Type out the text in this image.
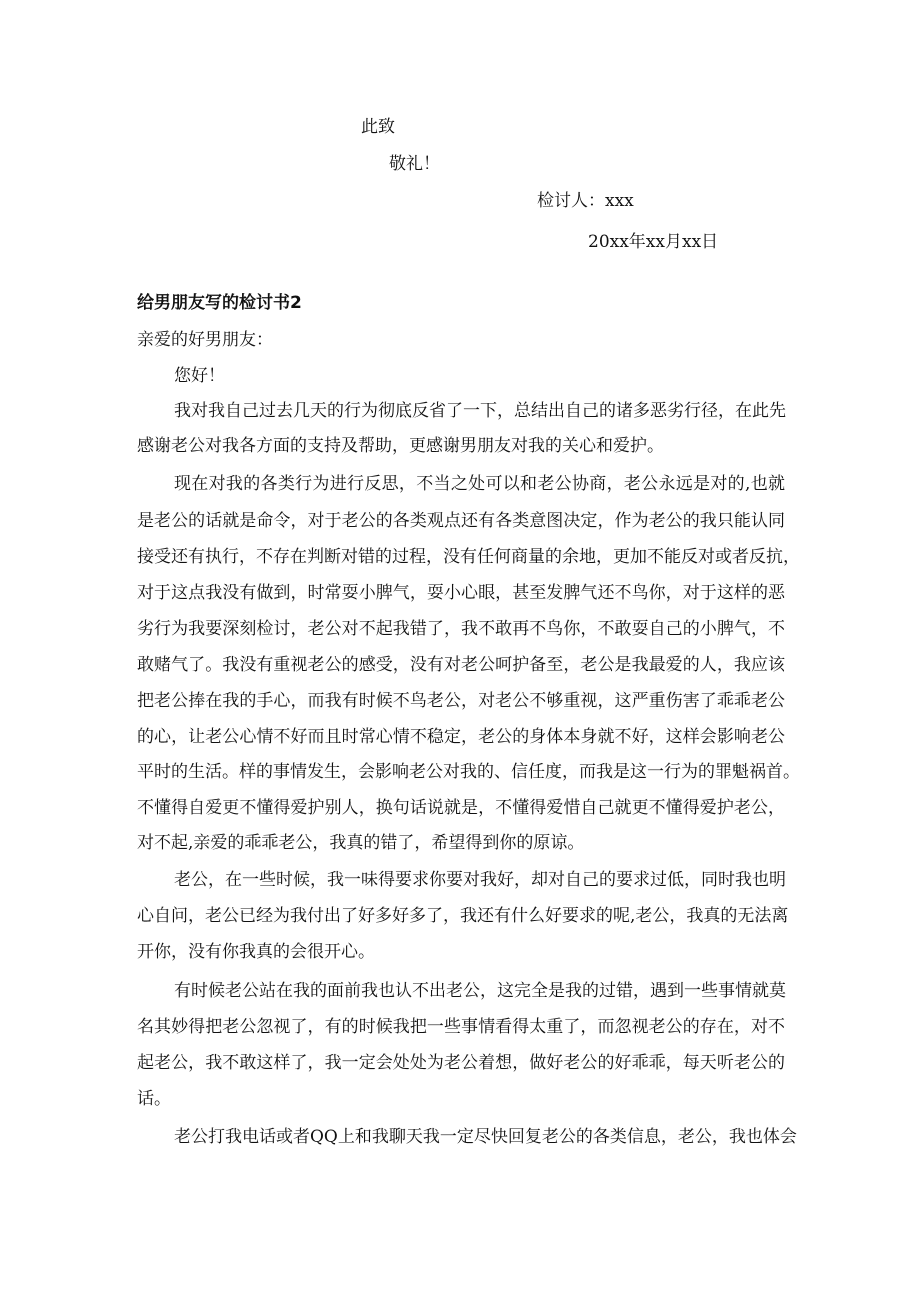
此致
敬礼！
检讨人：xxx
20xx年xx月xx日
给男朋友写的检讨书2
亲爱的好男朋友：
您好！
我对我自己过去几天的行为彻底反省了一下，总结出自己的诸多恶劣行径，在此先
感谢老公对我各方面的支持及帮助，更感谢男朋友对我的关心和爱护。
现在对我的各类行为进行反思，不当之处可以和老公协商，老公永远是对的,也就
是老公的话就是命令，对于老公的各类观点还有各类意图决定，作为老公的我只能认同
接受还有执行，不存在判断对错的过程，没有任何商量的余地，更加不能反对或者反抗，
对于这点我没有做到，时常耍小脾气，耍小心眼，甚至发脾气还不鸟你，对于这样的恶
劣行为我要深刻检讨，老公对不起我错了，我不敢再不鸟你，不敢耍自己的小脾气，不
敢赌气了。我没有重视老公的感受，没有对老公呵护备至，老公是我最爱的人，我应该
把老公捧在我的手心，而我有时候不鸟老公，对老公不够重视，这严重伤害了乖乖老公
的心，让老公心情不好而且时常心情不稳定，老公的身体本身就不好，这样会影响老公
平时的生活。样的事情发生，会影响老公对我的、信任度，而我是这一行为的罪魁祸首。
不懂得自爱更不懂得爱护别人，换句话说就是，不懂得爱惜自己就更不懂得爱护老公，
对不起,亲爱的乖乖老公，我真的错了，希望得到你的原谅。
老公，在一些时候，我一味得要求你要对我好，却对自己的要求过低，同时我也明
心自问，老公已经为我付出了好多好多了，我还有什么好要求的呢,老公，我真的无法离
开你，没有你我真的会很开心。
有时候老公站在我的面前我也认不出老公，这完全是我的过错，遇到一些事情就莫
名其妙得把老公忽视了，有的时候我把一些事情看得太重了，而忽视老公的存在，对不
起老公，我不敢这样了，我一定会处处为老公着想，做好老公的好乖乖，每天听老公的
话。
老公打我电话或者QQ上和我聊天我一定尽快回复老公的各类信息，老公，我也体会
